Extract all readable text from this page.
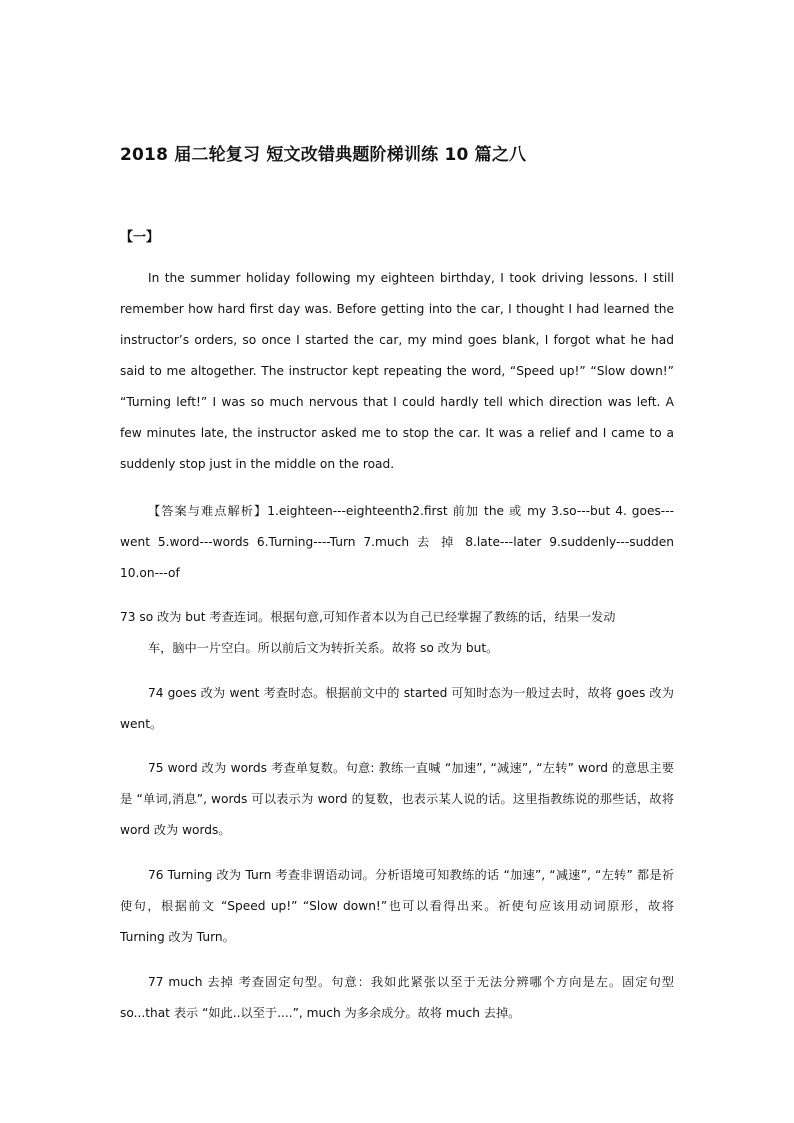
2018 届二轮复习 短文改错典题阶梯训练 10 篇之八
【一】

In the summer holiday following my eighteen birthday, I took driving lessons. I still remember how hard first day was. Before getting into the car, I thought I had learned the instructor’s orders, so once I started the car, my mind goes blank, I forgot what he had said to me altogether. The instructor kept repeating the word, “Speed up!” “Slow down!” “Turning left!” I was so much nervous that I could hardly tell which direction was left. A few minutes late, the instructor asked me to stop the car. It was a relief and I came to a suddenly stop just in the middle on the road.

【答案与难点解析】1.eighteen---eighteenth2.first 前加 the 或 my 3.so---but 4. goes---went 5.word---words 6.Turning----Turn 7.much 去 掉 8.late---later 9.suddenly---sudden 10.on---of

73 so 改为 but 考查连词。根据句意,可知作者本以为自己已经掌握了教练的话，结果一发动
车，脑中一片空白。所以前后文为转折关系。故将 so 改为 but。

74 goes 改为 went 考查时态。根据前文中的 started 可知时态为一般过去时，故将 goes 改为 went。

75 word 改为 words 考查单复数。句意: 教练一直喊 “加速”, “减速”, “左转” word 的意思主要是 “单词,消息”, words 可以表示为 word 的复数，也表示某人说的话。这里指教练说的那些话，故将 word 改为 words。

76 Turning 改为 Turn 考查非谓语动词。分析语境可知教练的话 “加速”, “减速”, “左转” 都是祈使句，根据前文 “Speed up!” “Slow down!”也可以看得出来。祈使句应该用动词原形，故将 Turning 改为 Turn。

77 much 去掉 考查固定句型。句意：我如此紧张以至于无法分辨哪个方向是左。固定句型 so...that 表示 “如此..以至于....”, much 为多余成分。故将 much 去掉。
